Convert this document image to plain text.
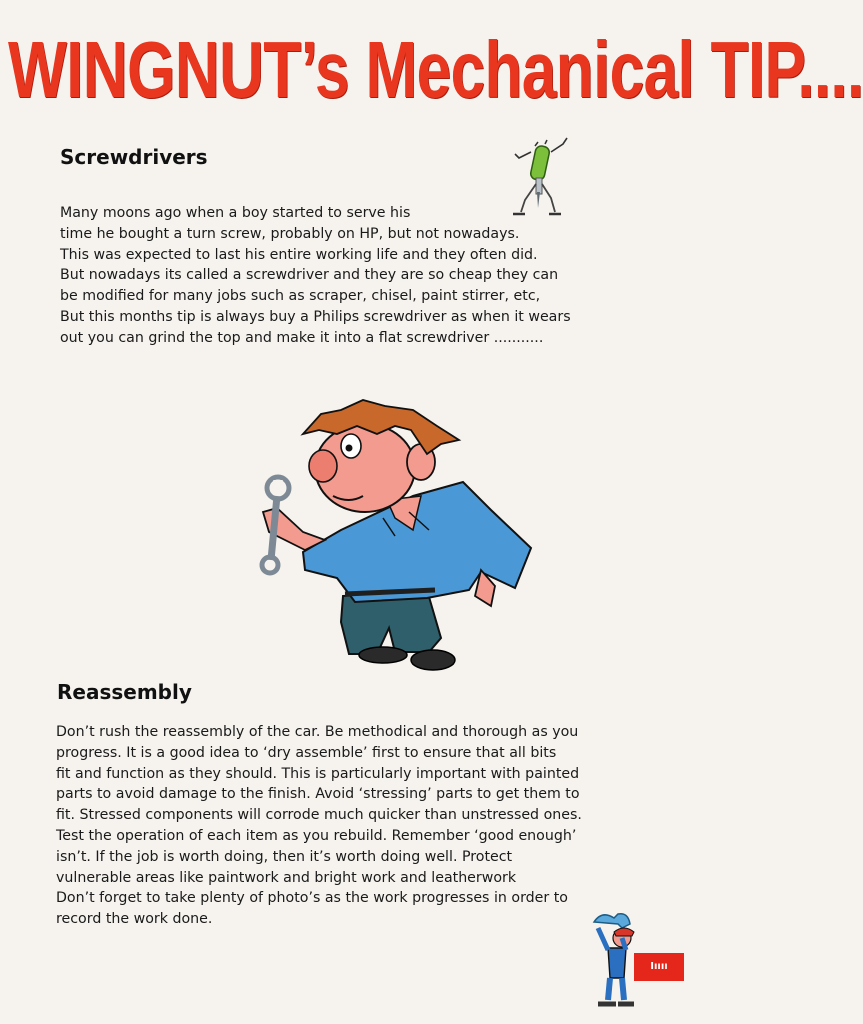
WINGNUT’s Mechanical TIP....
Screwdrivers
Many moons ago when a boy started to serve his
time he bought a turn screw, probably on HP, but not nowadays.
This was expected to last his entire working life and they often did.
But nowadays its called a screwdriver and they are so cheap they can
be modified for many jobs such as scraper, chisel, paint stirrer, etc,
But this months tip is always buy a Philips screwdriver as when it wears
out you can grind the top and make it into a flat screwdriver ...........
Reassembly
Don’t rush the reassembly of the car. Be methodical and thorough as you
progress. It is a good idea to ‘dry assemble’ first to ensure that all bits
fit and function as they should. This is particularly important with painted
parts to avoid damage to the finish. Avoid ‘stressing’ parts to get them to
fit. Stressed components will corrode much quicker than unstressed ones.
Test the operation of each item as you rebuild. Remember ‘good enough’
isn’t. If the job is worth doing, then it’s worth doing well. Protect
vulnerable areas like paintwork and bright work and leatherwork
Don’t forget to take plenty of photo’s as the work progresses in order to
record the work done.
Iıııı
